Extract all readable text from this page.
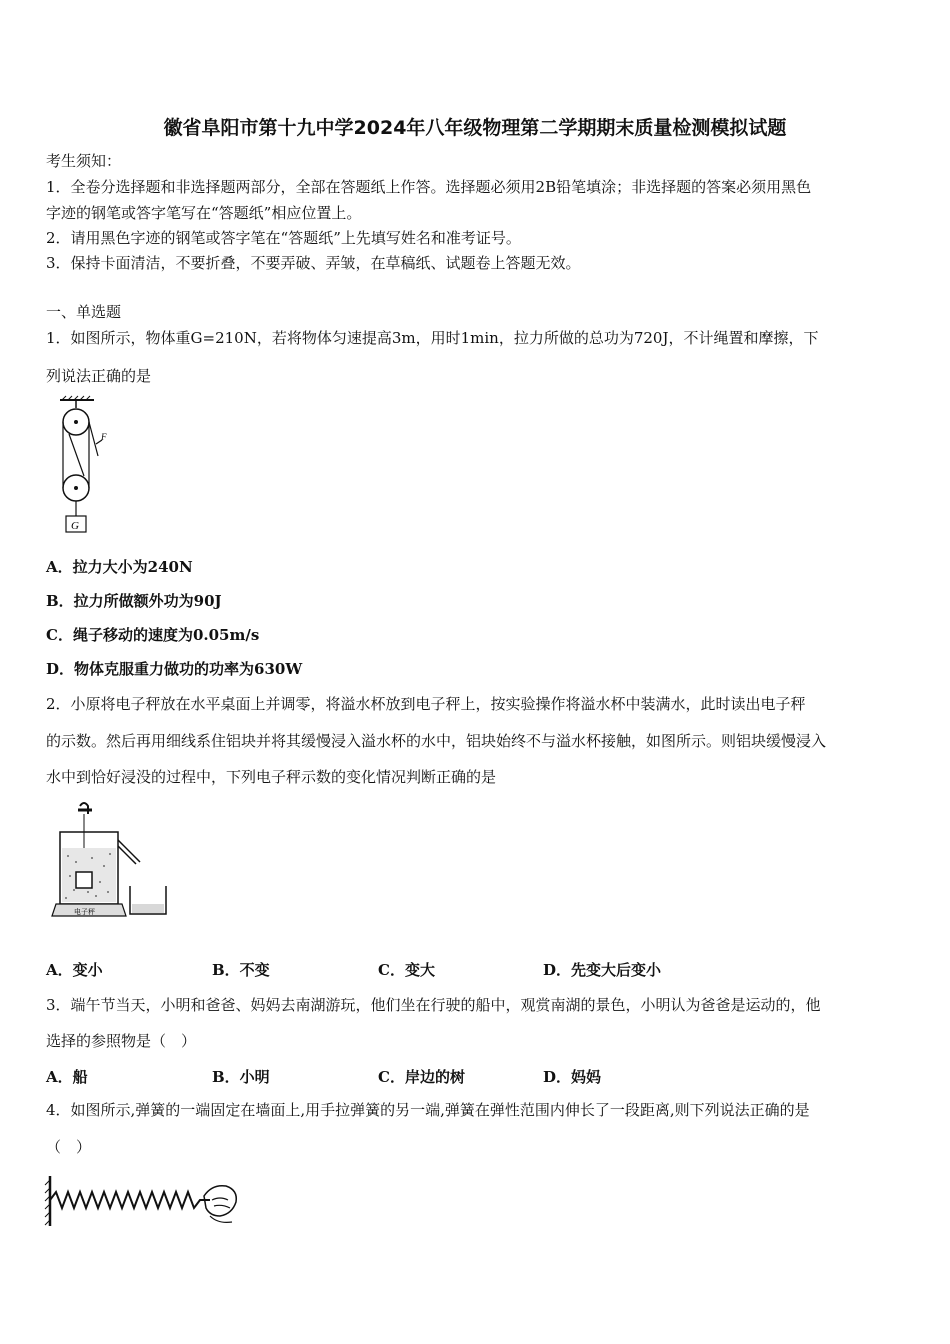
徽省阜阳市第十九中学2024年八年级物理第二学期期末质量检测模拟试题
考生须知：
1．全卷分选择题和非选择题两部分，全部在答题纸上作答。选择题必须用2B铅笔填涂；非选择题的答案必须用黑色
字迹的钢笔或答字笔写在“答题纸”相应位置上。
2．请用黑色字迹的钢笔或答字笔在“答题纸”上先填写姓名和准考证号。
3．保持卡面清洁，不要折叠，不要弄破、弄皱，在草稿纸、试题卷上答题无效。
一、单选题
1．如图所示，物体重G=210N，若将物体匀速提高3m，用时1min，拉力所做的总功为720J，不计绳置和摩擦，下
列说法正确的是
G
F
A．拉力大小为240N
B．拉力所做额外功为90J
C．绳子移动的速度为0.05m/s
D．物体克服重力做功的功率为630W
2．小原将电子秤放在水平桌面上并调零，将溢水杯放到电子秤上，按实验操作将溢水杯中装满水，此时读出电子秤
的示数。然后再用细线系住铝块并将其缓慢浸入溢水杯的水中，铝块始终不与溢水杯接触，如图所示。则铝块缓慢浸入
水中到恰好浸没的过程中，下列电子秤示数的变化情况判断正确的是
电子秤
A．变小	B．不变	C．变大	D．先变大后变小
3．端午节当天，小明和爸爸、妈妈去南湖游玩，他们坐在行驶的船中，观赏南湖的景色，小明认为爸爸是运动的，他
选择的参照物是（　）
A．船	B．小明	C．岸边的树	D．妈妈
4．如图所示,弹簧的一端固定在墙面上,用手拉弹簧的另一端,弹簧在弹性范围内伸长了一段距离,则下列说法正确的是
（　）
